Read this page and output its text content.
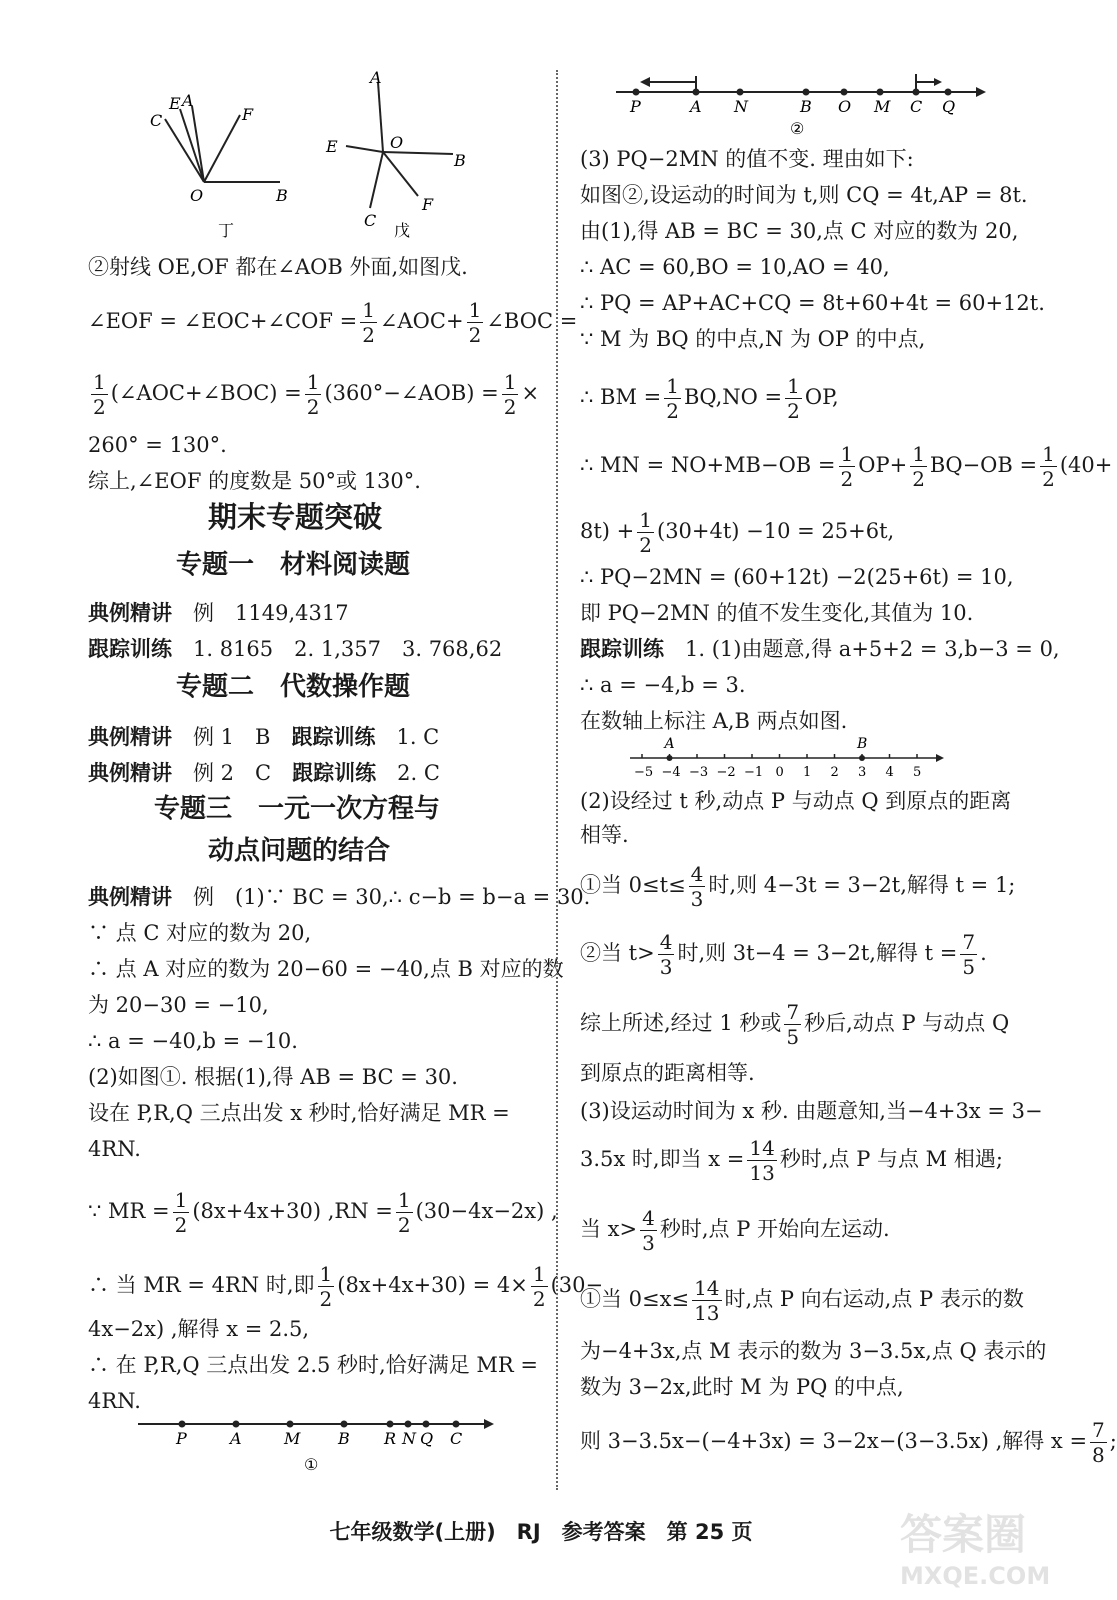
A
E
C	F
O	B
丁
A
E	O
B
C
F
戊
②射线 OE,OF 都在∠AOB 外面,如图戊.
∠EOF = ∠EOC+∠COF = $\frac{1}{2}$ ∠AOC+ $\frac{1}{2}$ ∠BOC =
$\frac{1}{2}$ (∠AOC+∠BOC) = $\frac{1}{2}$ (360°−∠AOB) = $\frac{1}{2}$ ×
260° = 130°.
综上,∠EOF 的度数是 50°或 130°.
期末专题突破
专题一　材料阅读题
典例精讲　 例　1149,4317
跟踪训练　 1. 8165　2. 1,357　3. 768,62
专题二　代数操作题
典例精讲　 例 1　B　 跟踪训练　 1. C
典例精讲　 例 2　C　 跟踪训练　 2. C
专题三　一元一次方程与
动点问题的结合
典例精讲　 例　(1)∵ BC = 30,∴ c−b = b−a = 30.
∵ 点 C 对应的数为 20,
∴ 点 A 对应的数为 20−60 = −40,点 B 对应的数
为 20−30 = −10,
∴ a = −40,b = −10.
(2)如图①. 根据(1),得 AB = BC = 30.
设在 P,R,Q 三点出发 x 秒时,恰好满足 MR =
4RN.
∵ MR = $\frac{1}{2} (8x+4x+30) ,RN = \frac{1}{2} (30-4x-2x)$ ,
∴ 当 MR = 4RN 时,即 $\frac{1}{2} (8x+4x+30) = 4\times \frac{1}{2} (30-$
4x−2x) ,解得 x = 2.5,
∴ 在 P,R,Q 三点出发 2.5 秒时,恰好满足 MR =
4RN.
P	A	M B R N Q C
①
P	A N	B O M C Q
②
(3) PQ−2MN 的值不变. 理由如下:
如图②,设运动的时间为 t,则 CQ = 4t,AP = 8t.
由(1),得 AB = BC = 30,点 C 对应的数为 20,
∴ AC = 60,BO = 10,AO = 40,
∴ PQ = AP+AC+CQ = 8t+60+4t = 60+12t.
∵ M 为 BQ 的中点,N 为 OP 的中点,
∴ BM = $\frac{1}{2} BQ,NO = \frac{1}{2}$ OP,
∴ MN = $NO+MB-OB = \frac{1}{2} OP+ \frac{1}{2} BQ-OB = \frac{1}{2} (40+$
$8t) + \frac{1}{2} (30+4t) -10 = 25+6t$,
∴ PQ−2MN = (60+12t) −2(25+6t) = 10,
即 PQ−2MN 的值不发生变化,其值为 10.
跟踪训练　 1. (1)由题意,得 a+5+2 = 3,b−3 = 0,
∴ a = −4,b = 3.
在数轴上标注 A,B 两点如图.
−5 −4 −3 −2 −1 0 1 2 3 4 5
A	B
(2)设经过 t 秒,动点 P 与动点 Q 到原点的距离
相等.
①当 $0\le t\le \frac{4}{3}$ 时,则 4−3t = 3−2t,解得 t = 1;
②当 $t> \frac{4}{3}$ 时,则 3t−4 = 3−2t,解得 $t = \frac{7}{5}$ .
综上所述,经过 1 秒或 $\frac{7}{5}$ 秒后,动点 P 与动点 Q
到原点的距离相等.
(3)设运动时间为 x 秒. 由题意知,当−4+3x = 3−
3.5x 时,即当 $x = \frac{14}{13}$ 秒时,点 P 与点 M 相遇;
当 $x> \frac{4}{3}$ 秒时,点 P 开始向左运动.
①当 $0\le x\le \frac{14}{13}$ 时,点 P 向右运动,点 P 表示的数
为−4+3x,点 M 表示的数为 3−3.5x,点 Q 表示的
数为 3−2x,此时 M 为 PQ 的中点,
则 3−3.5x−(−4+3x) = 3−2x−(3−3.5x) ,解得 $x = \frac{7}{8}$ ;
七年级数学(上册)　RJ　参考答案　第 25 页	答案圈
MXQE.COM
